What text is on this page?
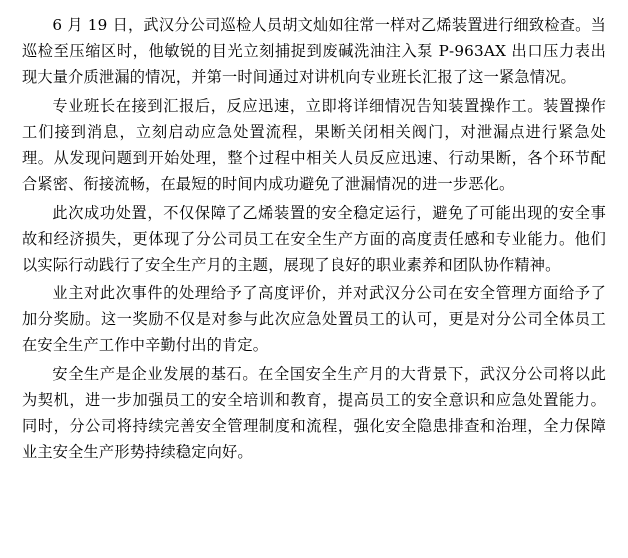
6 月 19 日，武汉分公司巡检人员胡文灿如往常一样对乙烯装置进行细致检查。当巡检至压缩区时，他敏锐的目光立刻捕捉到废碱洗油注入泵 P‑963AX 出口压力表出现大量介质泄漏的情况，并第一时间通过对讲机向专业班长汇报了这一紧急情况。

专业班长在接到汇报后，反应迅速，立即将详细情况告知装置操作工。装置操作工们接到消息，立刻启动应急处置流程，果断关闭相关阀门，对泄漏点进行紧急处理。从发现问题到开始处理，整个过程中相关人员反应迅速、行动果断，各个环节配合紧密、衔接流畅，在最短的时间内成功避免了泄漏情况的进一步恶化。

此次成功处置，不仅保障了乙烯装置的安全稳定运行，避免了可能出现的安全事故和经济损失，更体现了分公司员工在安全生产方面的高度责任感和专业能力。他们以实际行动践行了安全生产月的主题，展现了良好的职业素养和团队协作精神。

业主对此次事件的处理给予了高度评价，并对武汉分公司在安全管理方面给予了加分奖励。这一奖励不仅是对参与此次应急处置员工的认可，更是对分公司全体员工在安全生产工作中辛勤付出的肯定。

安全生产是企业发展的基石。在全国安全生产月的大背景下，武汉分公司将以此为契机，进一步加强员工的安全培训和教育，提高员工的安全意识和应急处置能力。同时，分公司将持续完善安全管理制度和流程，强化安全隐患排查和治理，全力保障业主安全生产形势持续稳定向好。
